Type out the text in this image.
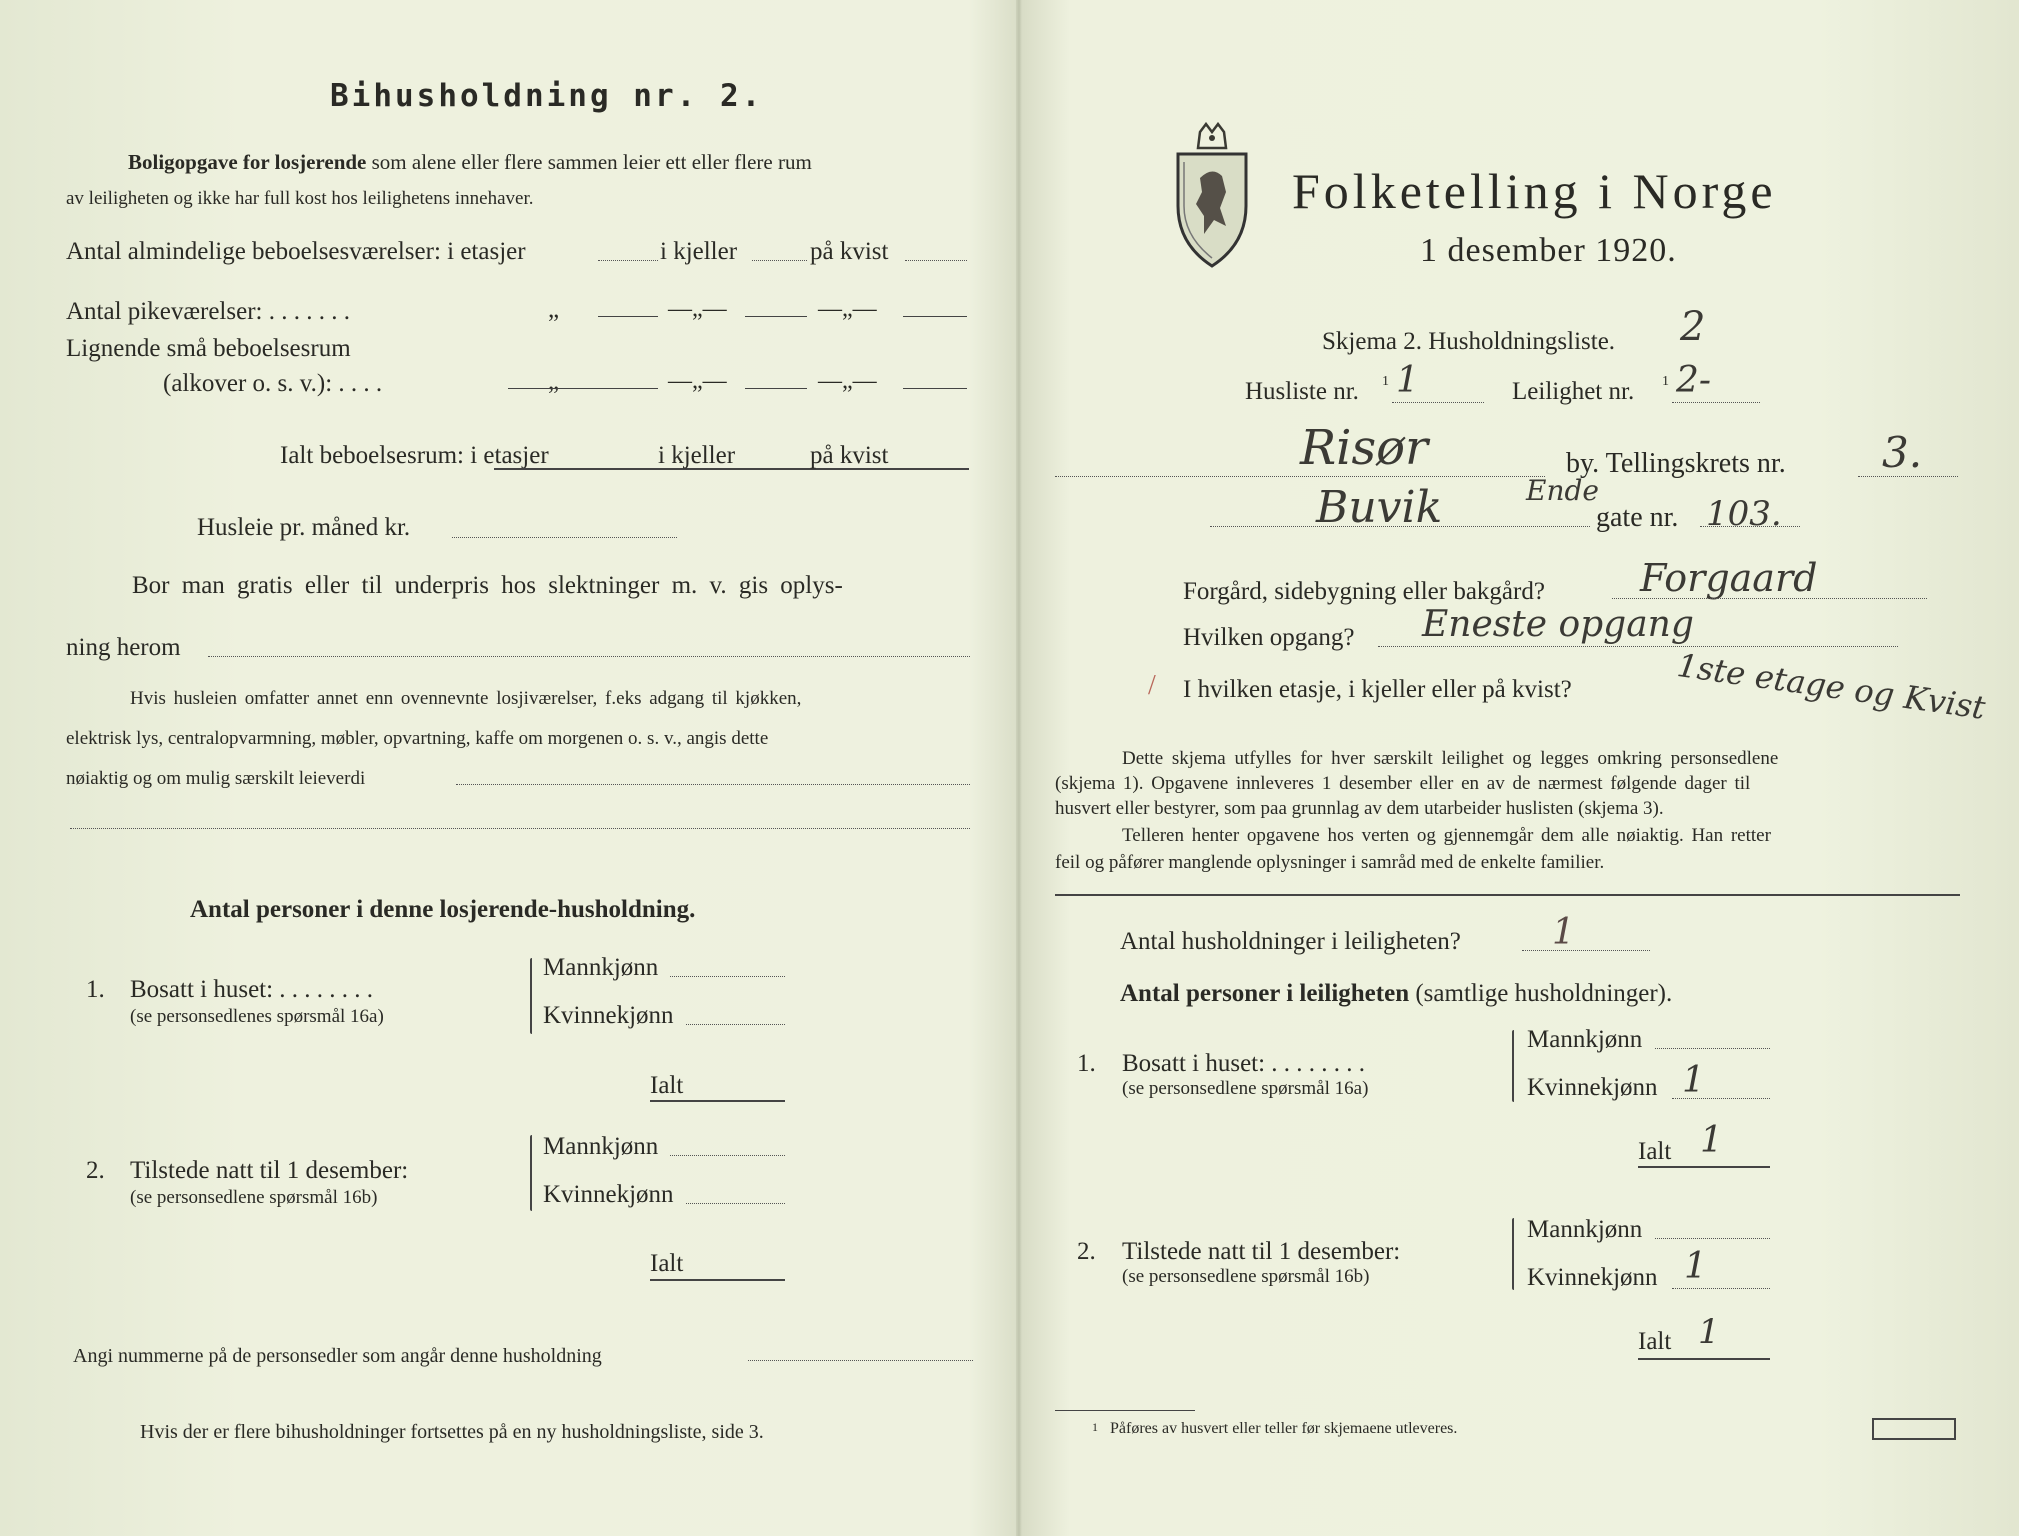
Bihusholdning nr. 2.
Boligopgave for losjerende som alene eller flere sammen leier ett eller flere rum
av leiligheten og ikke har full kost hos leilighetens innehaver.
Antal almindelige beboelsesværelser: i etasjer	i kjeller	på kvist
Antal pikeværelser: . . . . . . .	„	—„—	—„—
Lignende små beboelsesrum
(alkover o. s. v.): . . . .	„	—„—	—„—
Ialt beboelsesrum: i etasjer	i kjeller	på kvist
Husleie pr. måned kr.
Bor man gratis eller til underpris hos slektninger m. v. gis oplys-
ning herom
Hvis husleien omfatter annet enn ovennevnte losjiværelser, f.eks adgang til kjøkken,
elektrisk lys, centralopvarmning, møbler, opvartning, kaffe om morgenen o. s. v., angis dette
nøiaktig og om mulig særskilt leieverdi
Antal personer i denne losjerende-husholdning.
1. Bosatt i huset: . . . . . . . .
(se personsedlenes spørsmål 16a)
Mannkjønn
Kvinnekjønn
Ialt
2. Tilstede natt til 1 desember:
(se personsedlene spørsmål 16b)
Mannkjønn
Kvinnekjønn
Ialt
Angi nummerne på de personsedler som angår denne husholdning
Hvis der er flere bihusholdninger fortsettes på en ny husholdningsliste, side 3.
Folketelling i Norge
1 desember 1920.
Skjema 2. Husholdningsliste. 2
Husliste nr. 1 1	Leilighet nr. 1 2-
Risør	by. Tellingskrets nr. 3.
Buvik	Ende
gate nr. 103.
Forgård, sidebygning eller bakgård?	Forgaard
Hvilken opgang? Eneste opgang
/ I hvilken etasje, i kjeller eller på kvist?	1ste etage og Kvist
Dette skjema utfylles for hver særskilt leilighet og legges omkring personsedlene
(skjema 1). Opgavene innleveres 1 desember eller en av de nærmest følgende dager til
husvert eller bestyrer, som paa grunnlag av dem utarbeider huslisten (skjema 3).
Telleren henter opgavene hos verten og gjennemgår dem alle nøiaktig. Han retter
feil og påfører manglende oplysninger i samråd med de enkelte familier.
Antal husholdninger i leiligheten?	1
Antal personer i leiligheten (samtlige husholdninger).
1. Bosatt i huset: . . . . . . . .
(se personsedlene spørsmål 16a)
Mannkjønn
Kvinnekjønn 1
Ialt 1
2. Tilstede natt til 1 desember:
(se personsedlene spørsmål 16b)
Mannkjønn
Kvinnekjønn 1
Ialt 1
1 Påføres av husvert eller teller før skjemaene utleveres.
